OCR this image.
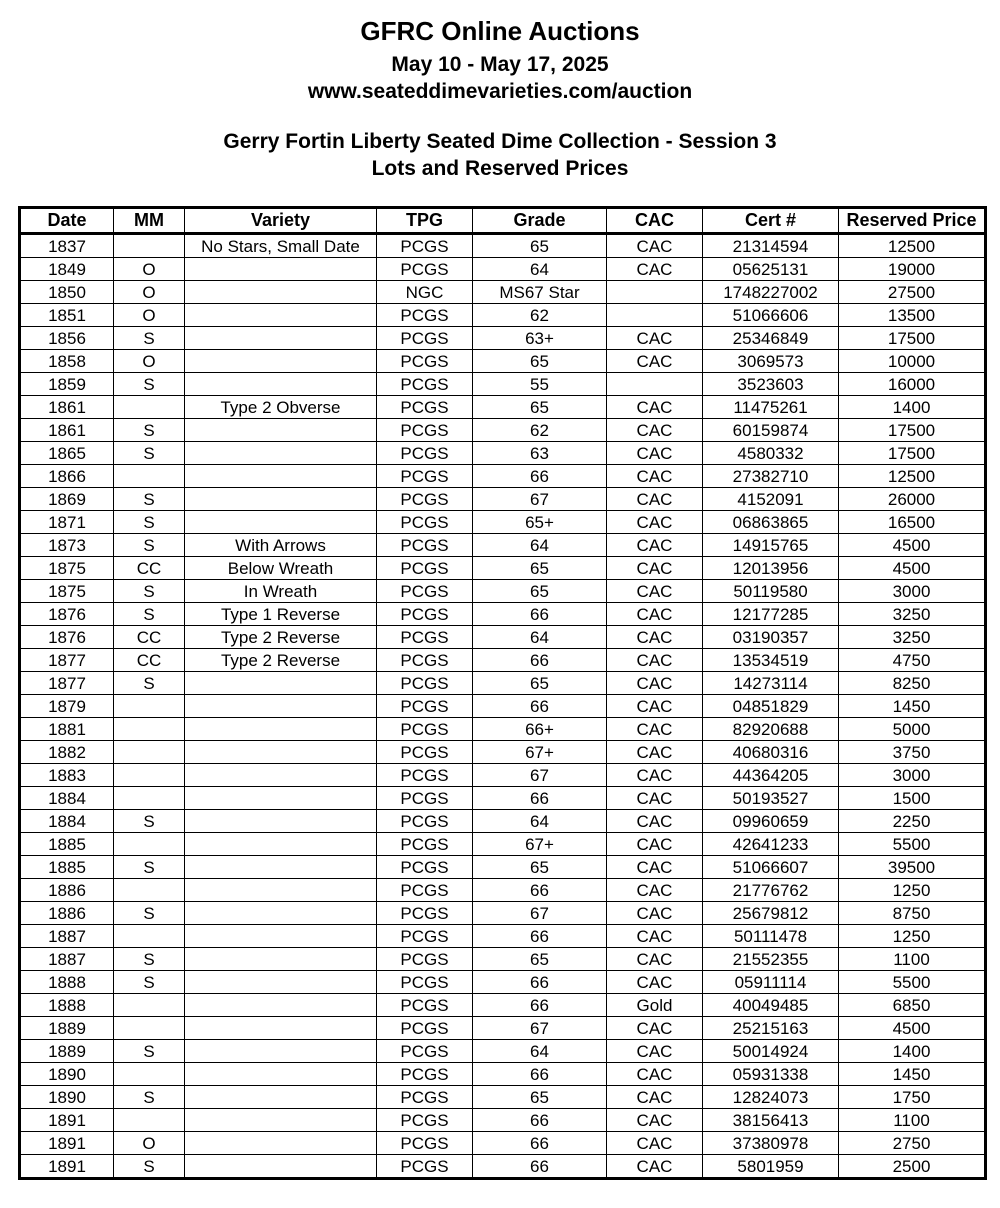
GFRC Online Auctions
May 10 - May 17, 2025
www.seateddimevarieties.com/auction
Gerry Fortin Liberty Seated Dime Collection - Session 3
Lots and Reserved Prices
Date	MM	Variety	TPG	Grade	CAC	Cert #	Reserved Price
1837		No Stars, Small Date	PCGS	65	CAC	21314594	12500
1849	O		PCGS	64	CAC	05625131	19000
1850	O		NGC	MS67 Star		1748227002	27500
1851	O		PCGS	62		51066606	13500
1856	S		PCGS	63+	CAC	25346849	17500
1858	O		PCGS	65	CAC	3069573	10000
1859	S		PCGS	55		3523603	16000
1861		Type 2 Obverse	PCGS	65	CAC	11475261	1400
1861	S		PCGS	62	CAC	60159874	17500
1865	S		PCGS	63	CAC	4580332	17500
1866			PCGS	66	CAC	27382710	12500
1869	S		PCGS	67	CAC	4152091	26000
1871	S		PCGS	65+	CAC	06863865	16500
1873	S	With Arrows	PCGS	64	CAC	14915765	4500
1875	CC	Below Wreath	PCGS	65	CAC	12013956	4500
1875	S	In Wreath	PCGS	65	CAC	50119580	3000
1876	S	Type 1 Reverse	PCGS	66	CAC	12177285	3250
1876	CC	Type 2 Reverse	PCGS	64	CAC	03190357	3250
1877	CC	Type 2 Reverse	PCGS	66	CAC	13534519	4750
1877	S		PCGS	65	CAC	14273114	8250
1879			PCGS	66	CAC	04851829	1450
1881			PCGS	66+	CAC	82920688	5000
1882			PCGS	67+	CAC	40680316	3750
1883			PCGS	67	CAC	44364205	3000
1884			PCGS	66	CAC	50193527	1500
1884	S		PCGS	64	CAC	09960659	2250
1885			PCGS	67+	CAC	42641233	5500
1885	S		PCGS	65	CAC	51066607	39500
1886			PCGS	66	CAC	21776762	1250
1886	S		PCGS	67	CAC	25679812	8750
1887			PCGS	66	CAC	50111478	1250
1887	S		PCGS	65	CAC	21552355	1100
1888	S		PCGS	66	CAC	05911114	5500
1888			PCGS	66	Gold	40049485	6850
1889			PCGS	67	CAC	25215163	4500
1889	S		PCGS	64	CAC	50014924	1400
1890			PCGS	66	CAC	05931338	1450
1890	S		PCGS	65	CAC	12824073	1750
1891			PCGS	66	CAC	38156413	1100
1891	O		PCGS	66	CAC	37380978	2750
1891	S		PCGS	66	CAC	5801959	2500
